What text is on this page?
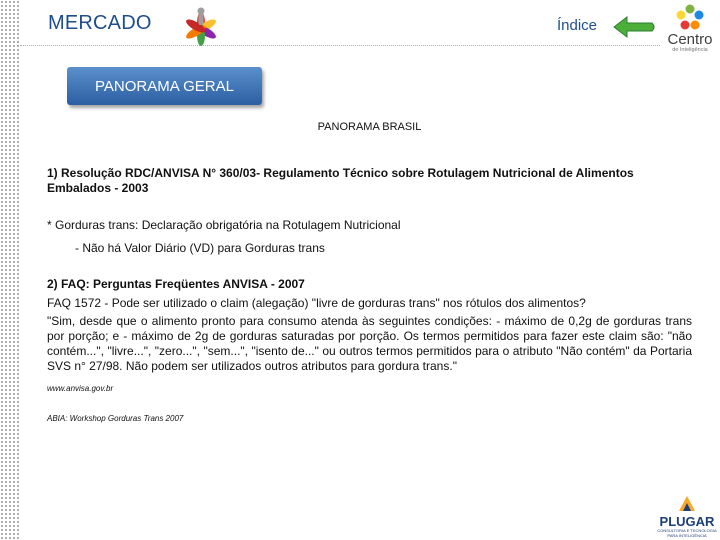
MERCADO	Índice
Centro
de Inteligência
PANORAMA GERAL

PANORAMA BRASIL

1) Resolução RDC/ANVISA N° 360/03- Regulamento Técnico sobre Rotulagem Nutricional de Alimentos Embalados - 2003

* Gorduras trans: Declaração obrigatória na Rotulagem Nutricional

- Não há Valor Diário (VD) para Gorduras trans

2) FAQ: Perguntas Freqüentes ANVISA - 2007

FAQ 1572 - Pode ser utilizado o claim (alegação) "livre de gorduras trans" nos rótulos dos alimentos?

"Sim, desde que o alimento pronto para consumo atenda às seguintes condições: - máximo de 0,2g de gorduras trans por porção; e - máximo de 2g de gorduras saturadas por porção. Os termos permitidos para fazer este claim são: "não contém...", "livre...", "zero...", "sem...", "isento de..." ou outros termos permitidos para o atributo "Não contém" da Portaria SVS n° 27/98. Não podem ser utilizados outros atributos para gordura trans."

www.anvisa.gov.br

ABIA: Workshop Gorduras Trans 2007

PLUGAR
CONSULTORIA E TECNOLOGIA PARA INTELIGÊNCIA
